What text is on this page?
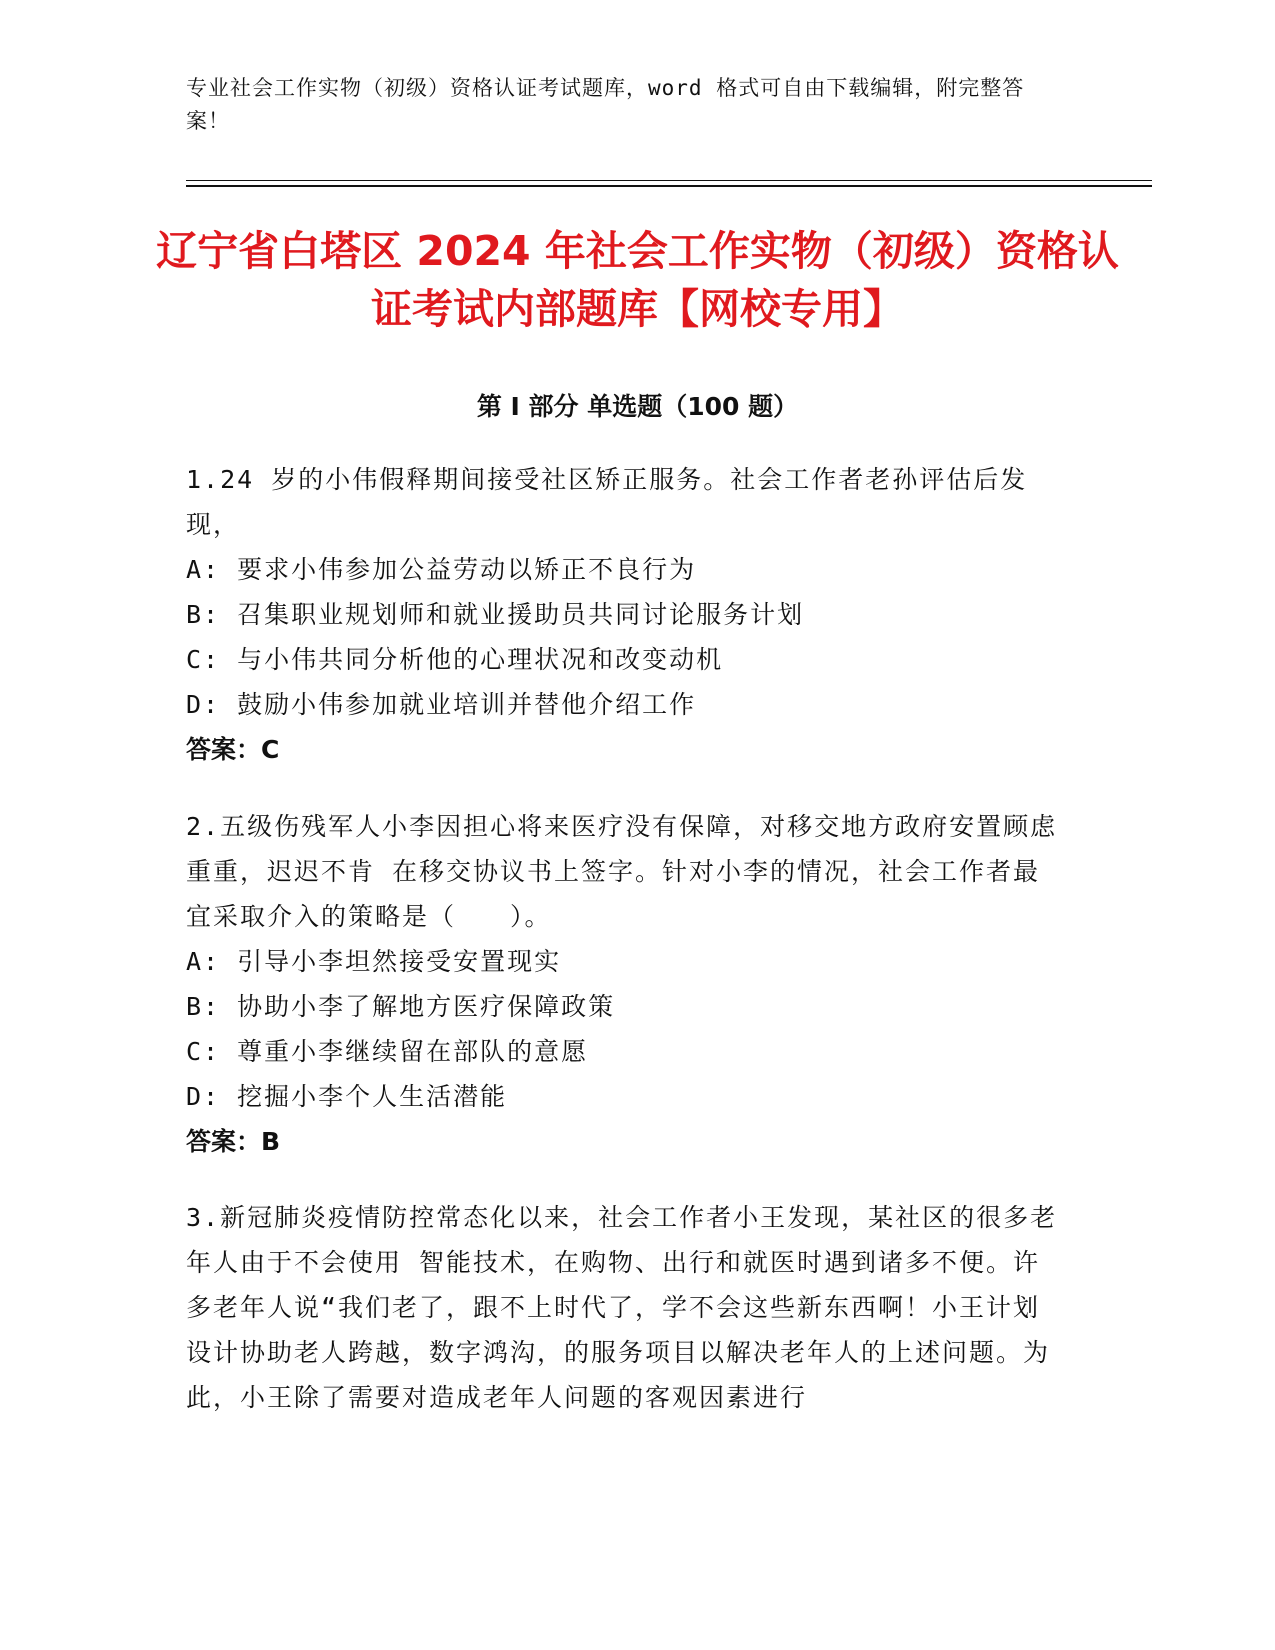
专业社会工作实物（初级）资格认证考试题库，word 格式可自由下载编辑，附完整答案！
辽宁省白塔区 2024 年社会工作实物（初级）资格认证考试内部题库【网校专用】
第 I 部分 单选题（100 题）

1.24 岁的小伟假释期间接受社区矫正服务。社会工作者老孙评估后发现，

A: 要求小伟参加公益劳动以矫正不良行为

B: 召集职业规划师和就业援助员共同讨论服务计划

C: 与小伟共同分析他的心理状况和改变动机

D: 鼓励小伟参加就业培训并替他介绍工作

答案：C

2.五级伤残军人小李因担心将来医疗没有保障，对移交地方政府安置顾虑重重，迟迟不肯 在移交协议书上签字。针对小李的情况，社会工作者最宜采取介入的策略是（　　）。

A: 引导小李坦然接受安置现实

B: 协助小李了解地方医疗保障政策

C: 尊重小李继续留在部队的意愿

D: 挖掘小李个人生活潜能

答案：B

3.新冠肺炎疫情防控常态化以来，社会工作者小王发现，某社区的很多老年人由于不会使用 智能技术，在购物、出行和就医时遇到诸多不便。许多老年人说“我们老了，跟不上时代了，学不会这些新东西啊！小王计划设计协助老人跨越，数字鸿沟，的服务项目以解决老年人的上述问题。为此，小王除了需要对造成老年人问题的客观因素进行
